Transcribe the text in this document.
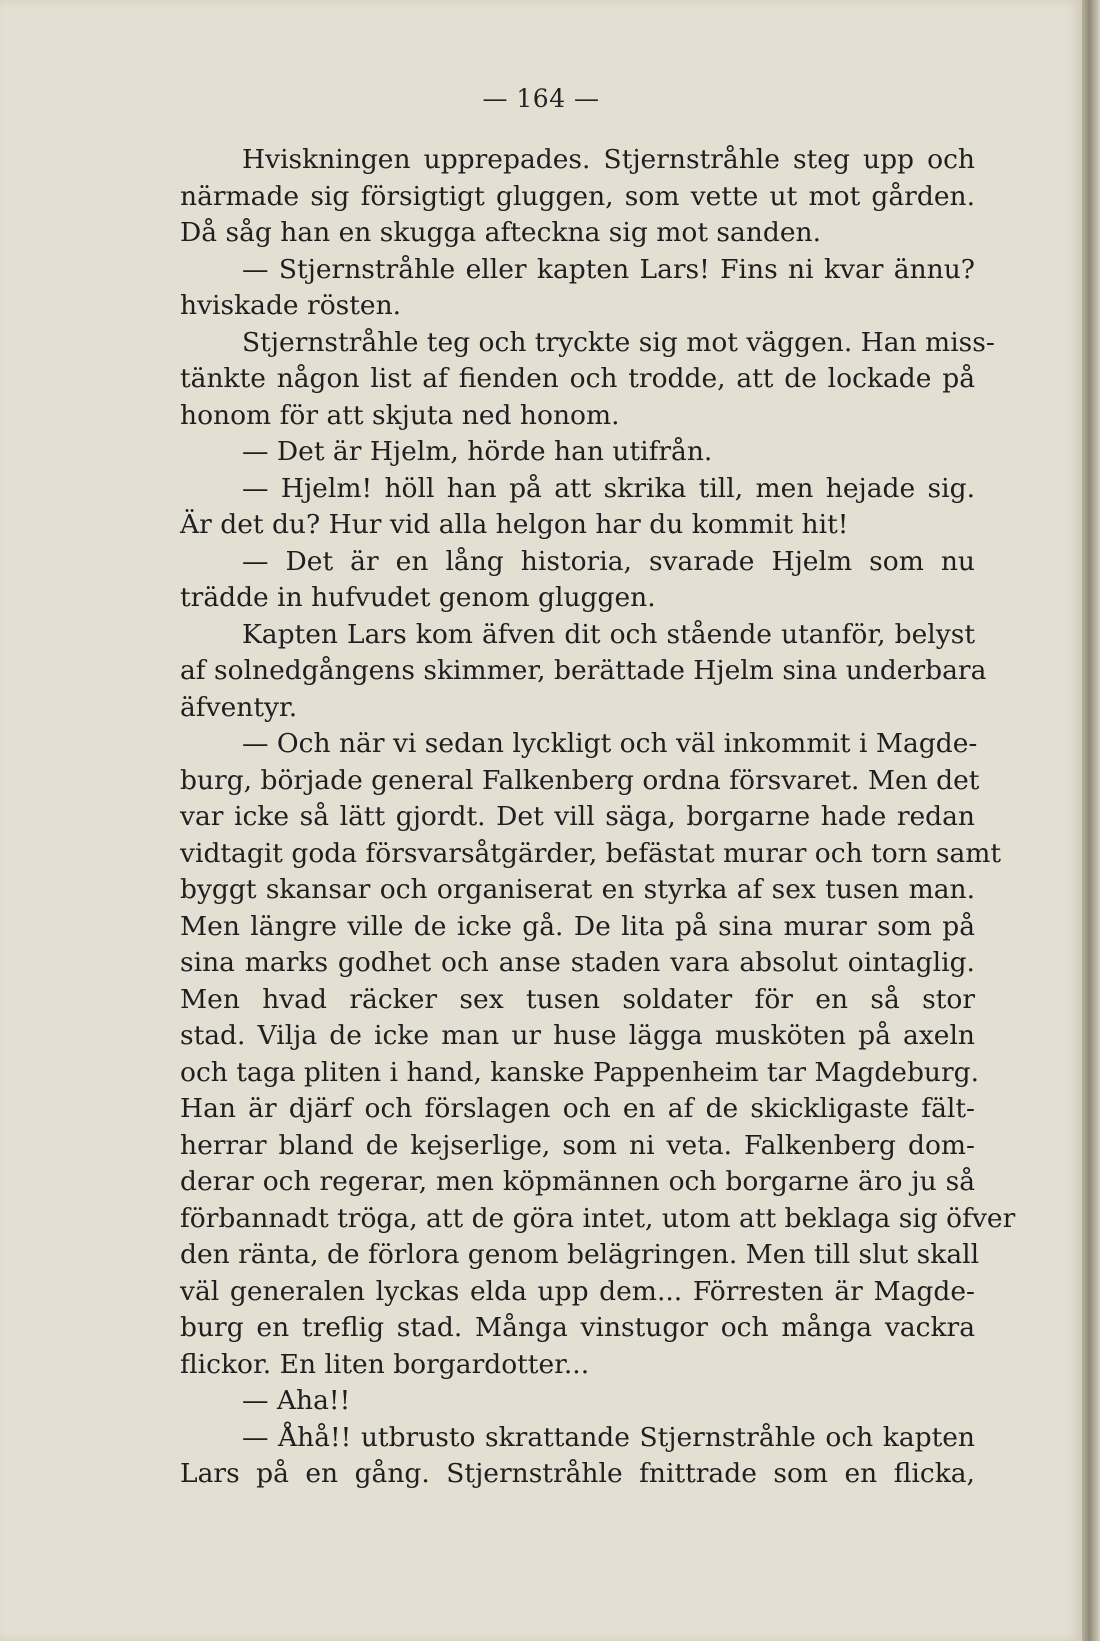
— 164 —
Hviskningen upprepades. Stjernstråhle steg upp och
närmade sig försigtigt gluggen, som vette ut mot gården.
Då såg han en skugga afteckna sig mot sanden.
— Stjernstråhle eller kapten Lars! Fins ni kvar ännu?
hviskade rösten.
Stjernstråhle teg och tryckte sig mot väggen. Han miss-
tänkte någon list af fienden och trodde, att de lockade på
honom för att skjuta ned honom.
— Det är Hjelm, hörde han utifrån.
— Hjelm! höll han på att skrika till, men hejade sig.
Är det du? Hur vid alla helgon har du kommit hit!
— Det är en lång historia, svarade Hjelm som nu
trädde in hufvudet genom gluggen.
Kapten Lars kom äfven dit och stående utanför, belyst
af solnedgångens skimmer, berättade Hjelm sina underbara
äfventyr.
— Och när vi sedan lyckligt och väl inkommit i Magde-
burg, började general Falkenberg ordna försvaret. Men det
var icke så lätt gjordt. Det vill säga, borgarne hade redan
vidtagit goda försvarsåtgärder, befästat murar och torn samt
byggt skansar och organiserat en styrka af sex tusen man.
Men längre ville de icke gå. De lita på sina murar som på
sina marks godhet och anse staden vara absolut ointaglig.
Men hvad räcker sex tusen soldater för en så stor
stad. Vilja de icke man ur huse lägga musköten på axeln
och taga pliten i hand, kanske Pappenheim tar Magdeburg.
Han är djärf och förslagen och en af de skickligaste fält-
herrar bland de kejserlige, som ni veta. Falkenberg dom-
derar och regerar, men köpmännen och borgarne äro ju så
förbannadt tröga, att de göra intet, utom att beklaga sig öfver
den ränta, de förlora genom belägringen. Men till slut skall
väl generalen lyckas elda upp dem... Förresten är Magde-
burg en treflig stad. Många vinstugor och många vackra
flickor. En liten borgardotter...
— Aha!!
— Åhå!! utbrusto skrattande Stjernstråhle och kapten
Lars på en gång. Stjernstråhle fnittrade som en flicka,
